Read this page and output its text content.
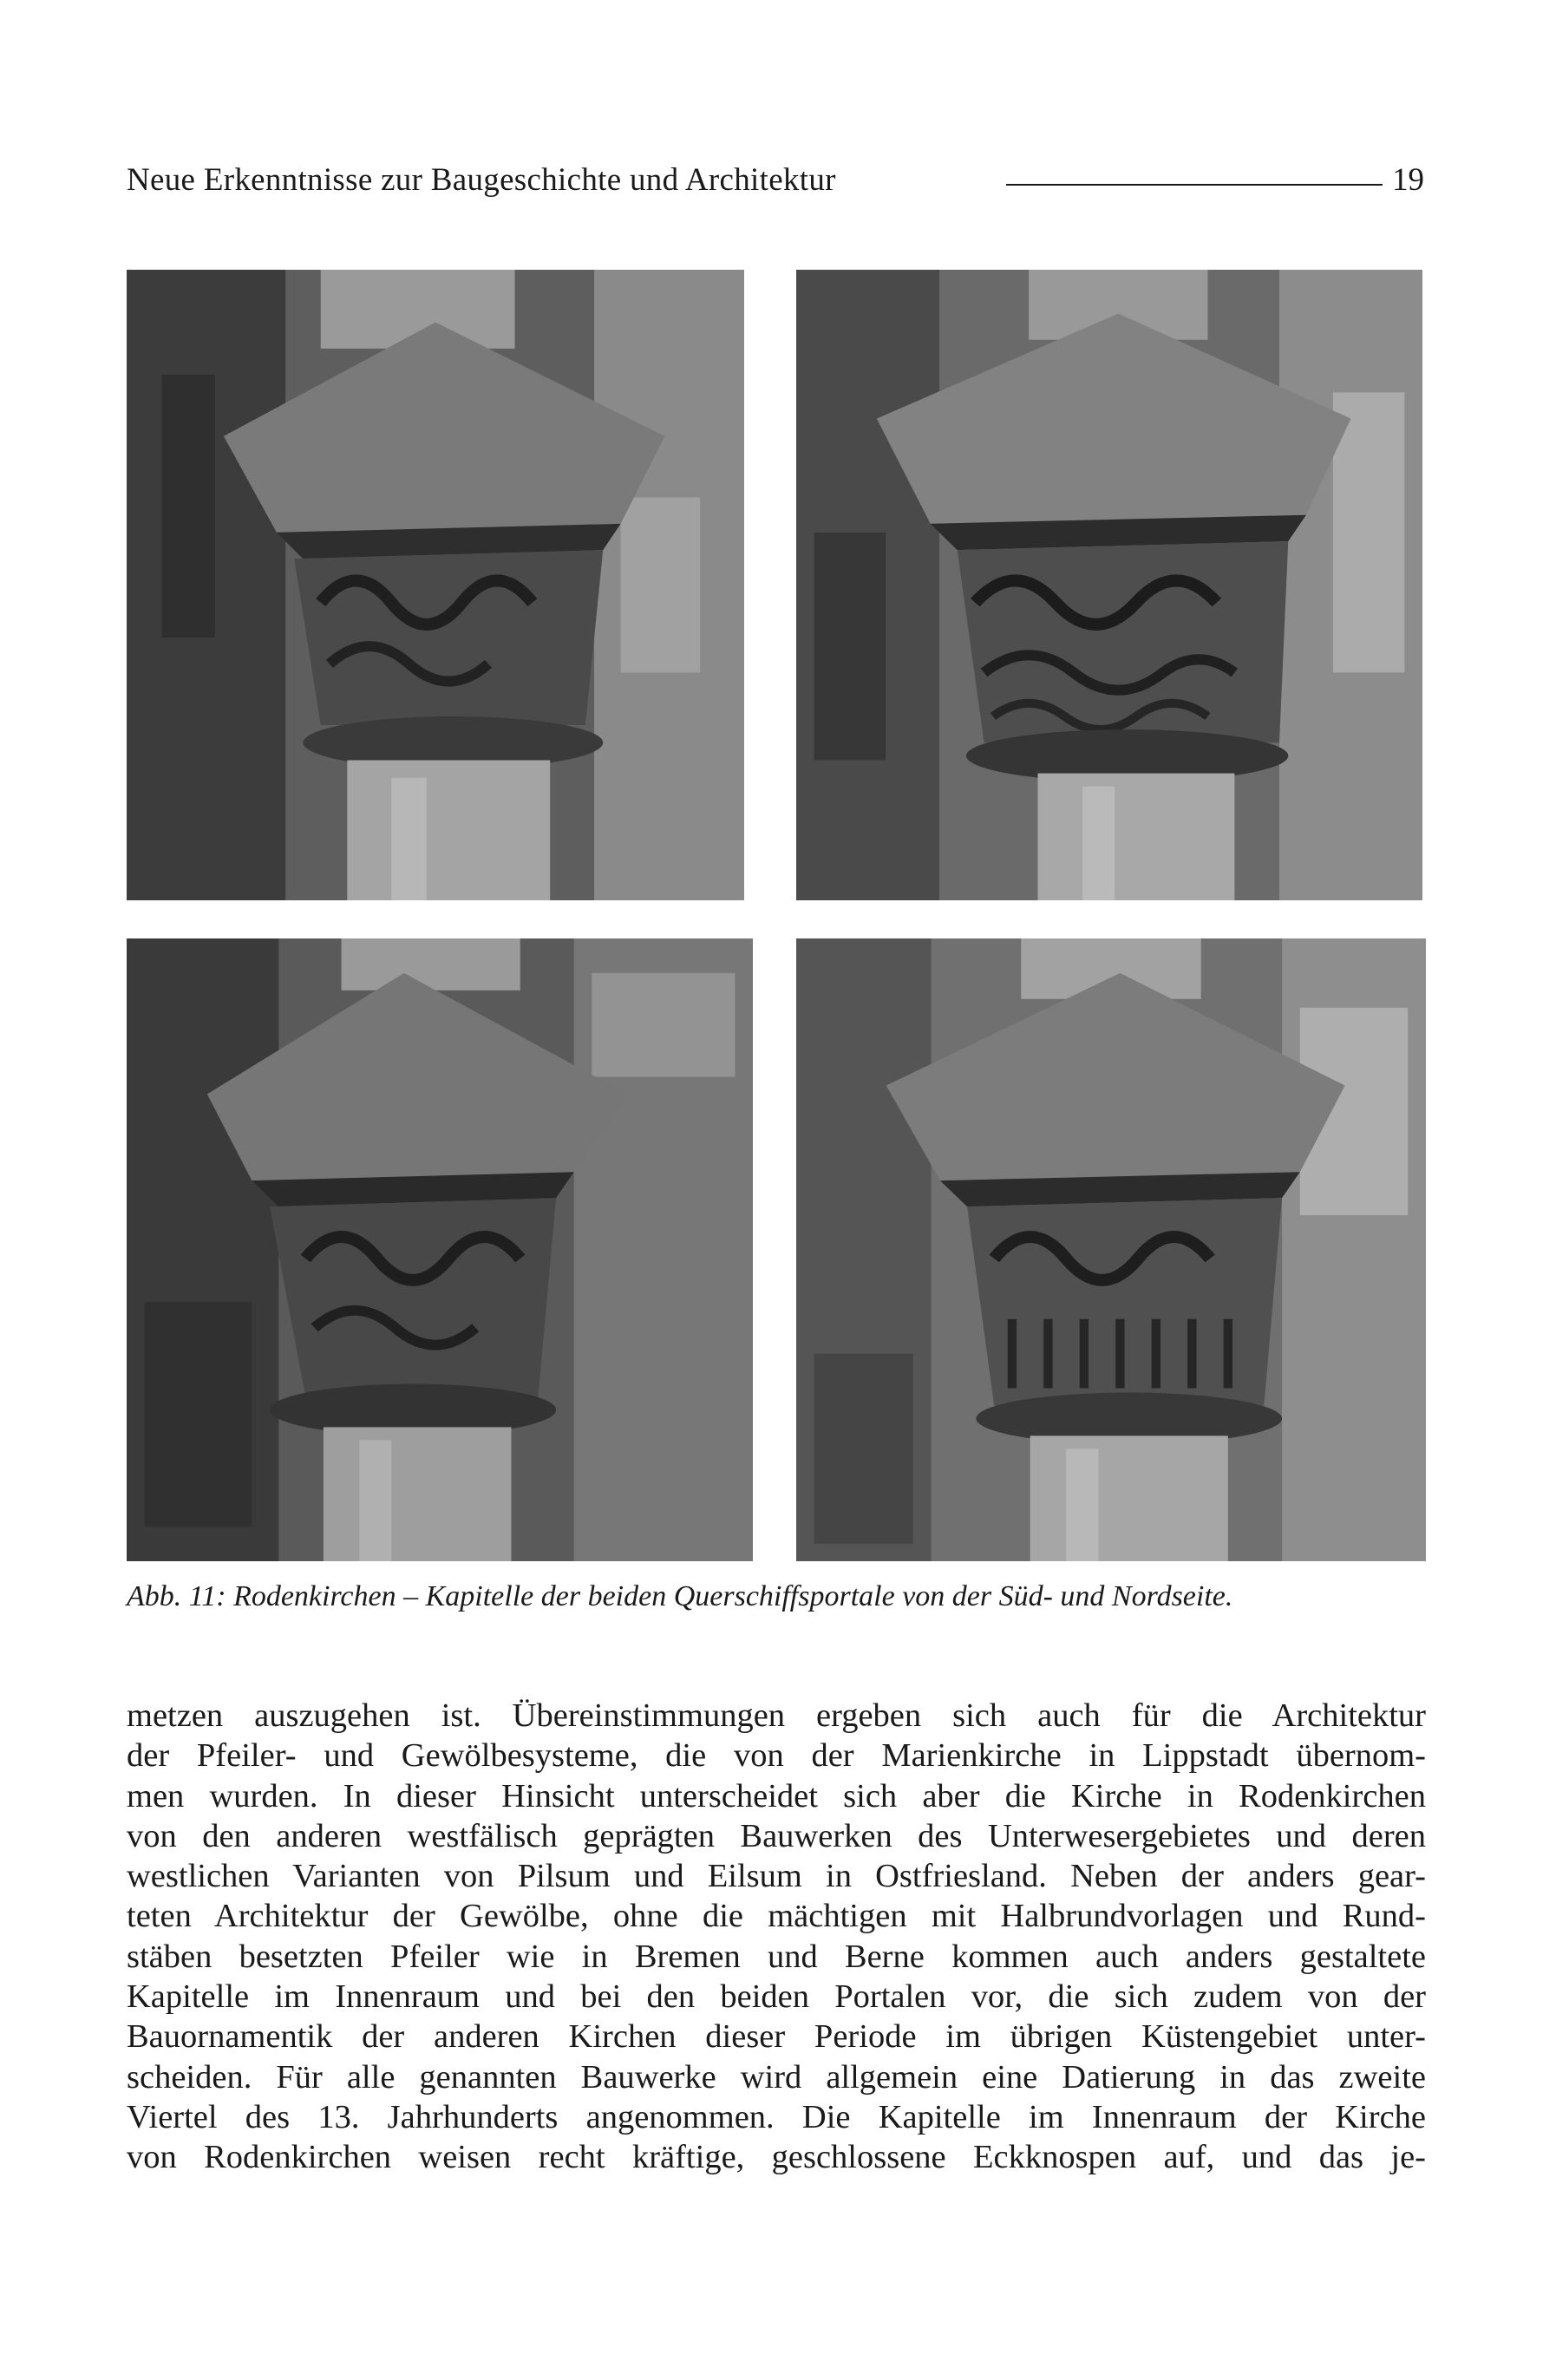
Neue Erkenntnisse zur Baugeschichte und Architektur	19
Abb. 11: Rodenkirchen – Kapitelle der beiden Querschiffsportale von der Süd- und Nordseite.
metzen auszugehen ist. Übereinstimmungen ergeben sich auch für die Architektur
der Pfeiler- und Gewölbesysteme, die von der Marienkirche in Lippstadt übernom-
men wurden. In dieser Hinsicht unterscheidet sich aber die Kirche in Rodenkirchen
von den anderen westfälisch geprägten Bauwerken des Unterwesergebietes und deren
westlichen Varianten von Pilsum und Eilsum in Ostfriesland. Neben der anders gear-
teten Architektur der Gewölbe, ohne die mächtigen mit Halbrundvorlagen und Rund-
stäben besetzten Pfeiler wie in Bremen und Berne kommen auch anders gestaltete
Kapitelle im Innenraum und bei den beiden Portalen vor, die sich zudem von der
Bauornamentik der anderen Kirchen dieser Periode im übrigen Küstengebiet unter-
scheiden. Für alle genannten Bauwerke wird allgemein eine Datierung in das zweite
Viertel des 13. Jahrhunderts angenommen. Die Kapitelle im Innenraum der Kirche
von Rodenkirchen weisen recht kräftige, geschlossene Eckknospen auf, und das je-
